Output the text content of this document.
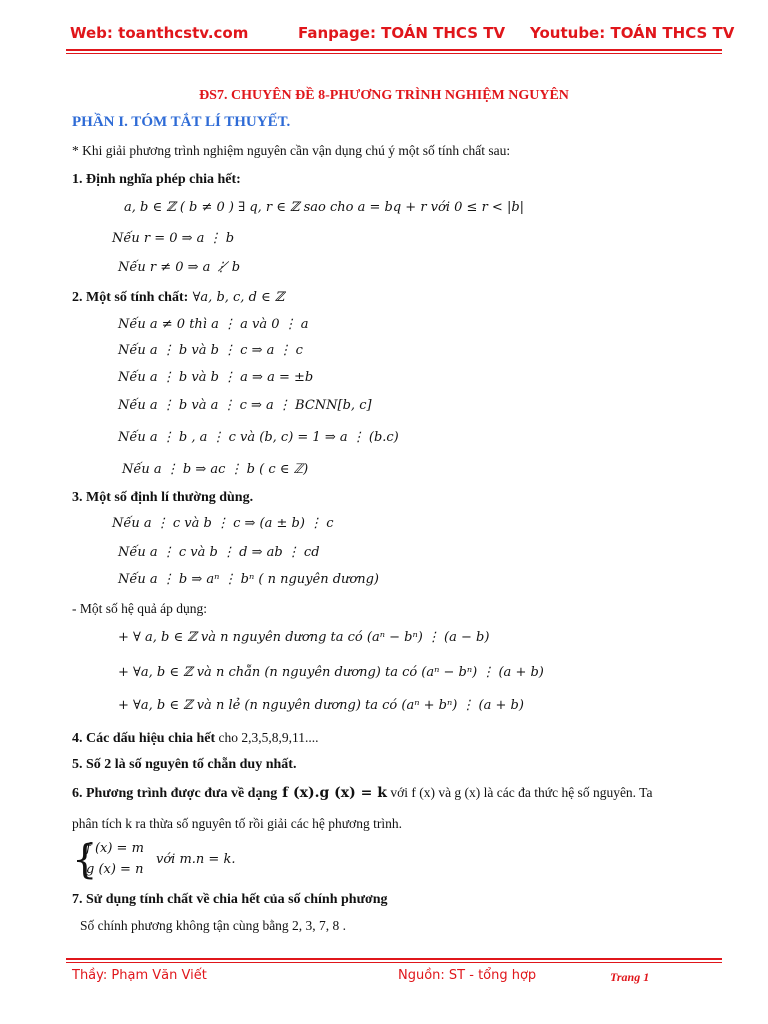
Web: toanthcstv.com	Fanpage: TOÁN THCS TV Youtube: TOÁN THCS TV
ĐS7. CHUYÊN ĐỀ 8-PHƯƠNG TRÌNH NGHIỆM NGUYÊN
PHẦN I. TÓM TẮT LÍ THUYẾT.
* Khi giải phương trình nghiệm nguyên cần vận dụng chú ý một số tính chất sau:
1. Định nghĩa phép chia hết:
a, b ∈ ℤ ( b ≠ 0 ) ∃ q, r ∈ ℤ sao cho a = bq + r với 0 ≤ r < |b|
Nếu r = 0 ⇒ a ⋮ b
Nếu r ≠ 0 ⇒ a ⋮̸ b
2. Một số tính chất: ∀a, b, c, d ∈ ℤ
Nếu a ≠ 0 thì a ⋮ a và 0 ⋮ a
Nếu a ⋮ b và b ⋮ c ⇒ a ⋮ c
Nếu a ⋮ b và b ⋮ a ⇒ a = ±b
Nếu a ⋮ b và a ⋮ c ⇒ a ⋮ BCNN[b, c]
Nếu a ⋮ b , a ⋮ c và (b, c) = 1 ⇒ a ⋮ (b.c)
Nếu a ⋮ b ⇒ ac ⋮ b ( c ∈ ℤ)
3. Một số định lí thường dùng.
Nếu a ⋮ c và b ⋮ c ⇒ (a ± b) ⋮ c
Nếu a ⋮ c và b ⋮ d ⇒ ab ⋮ cd
Nếu a ⋮ b ⇒ aⁿ ⋮ bⁿ ( n nguyên dương)
- Một số hệ quả áp dụng:
+ ∀ a, b ∈ ℤ và n nguyên dương ta có (aⁿ − bⁿ) ⋮ (a − b)
+ ∀a, b ∈ ℤ và n chẵn (n nguyên dương) ta có (aⁿ − bⁿ) ⋮ (a + b)
+ ∀a, b ∈ ℤ và n lẻ (n nguyên dương) ta có (aⁿ + bⁿ) ⋮ (a + b)
4. Các dấu hiệu chia hết cho 2,3,5,8,9,11....
5. Số 2 là số nguyên tố chẵn duy nhất.
6. Phương trình được đưa về dạng f (x).g (x) = k với f (x) và g (x) là các đa thức hệ số nguyên. Ta
phân tích k ra thừa số nguyên tố rồi giải các hệ phương trình.
{
f (x) = m
g (x) = n
với m.n = k.
7. Sử dụng tính chất về chia hết của số chính phương
Số chính phương không tận cùng bằng 2, 3, 7, 8 .
Thầy: Phạm Văn Viết	Nguồn: ST - tổng hợp	Trang 1
